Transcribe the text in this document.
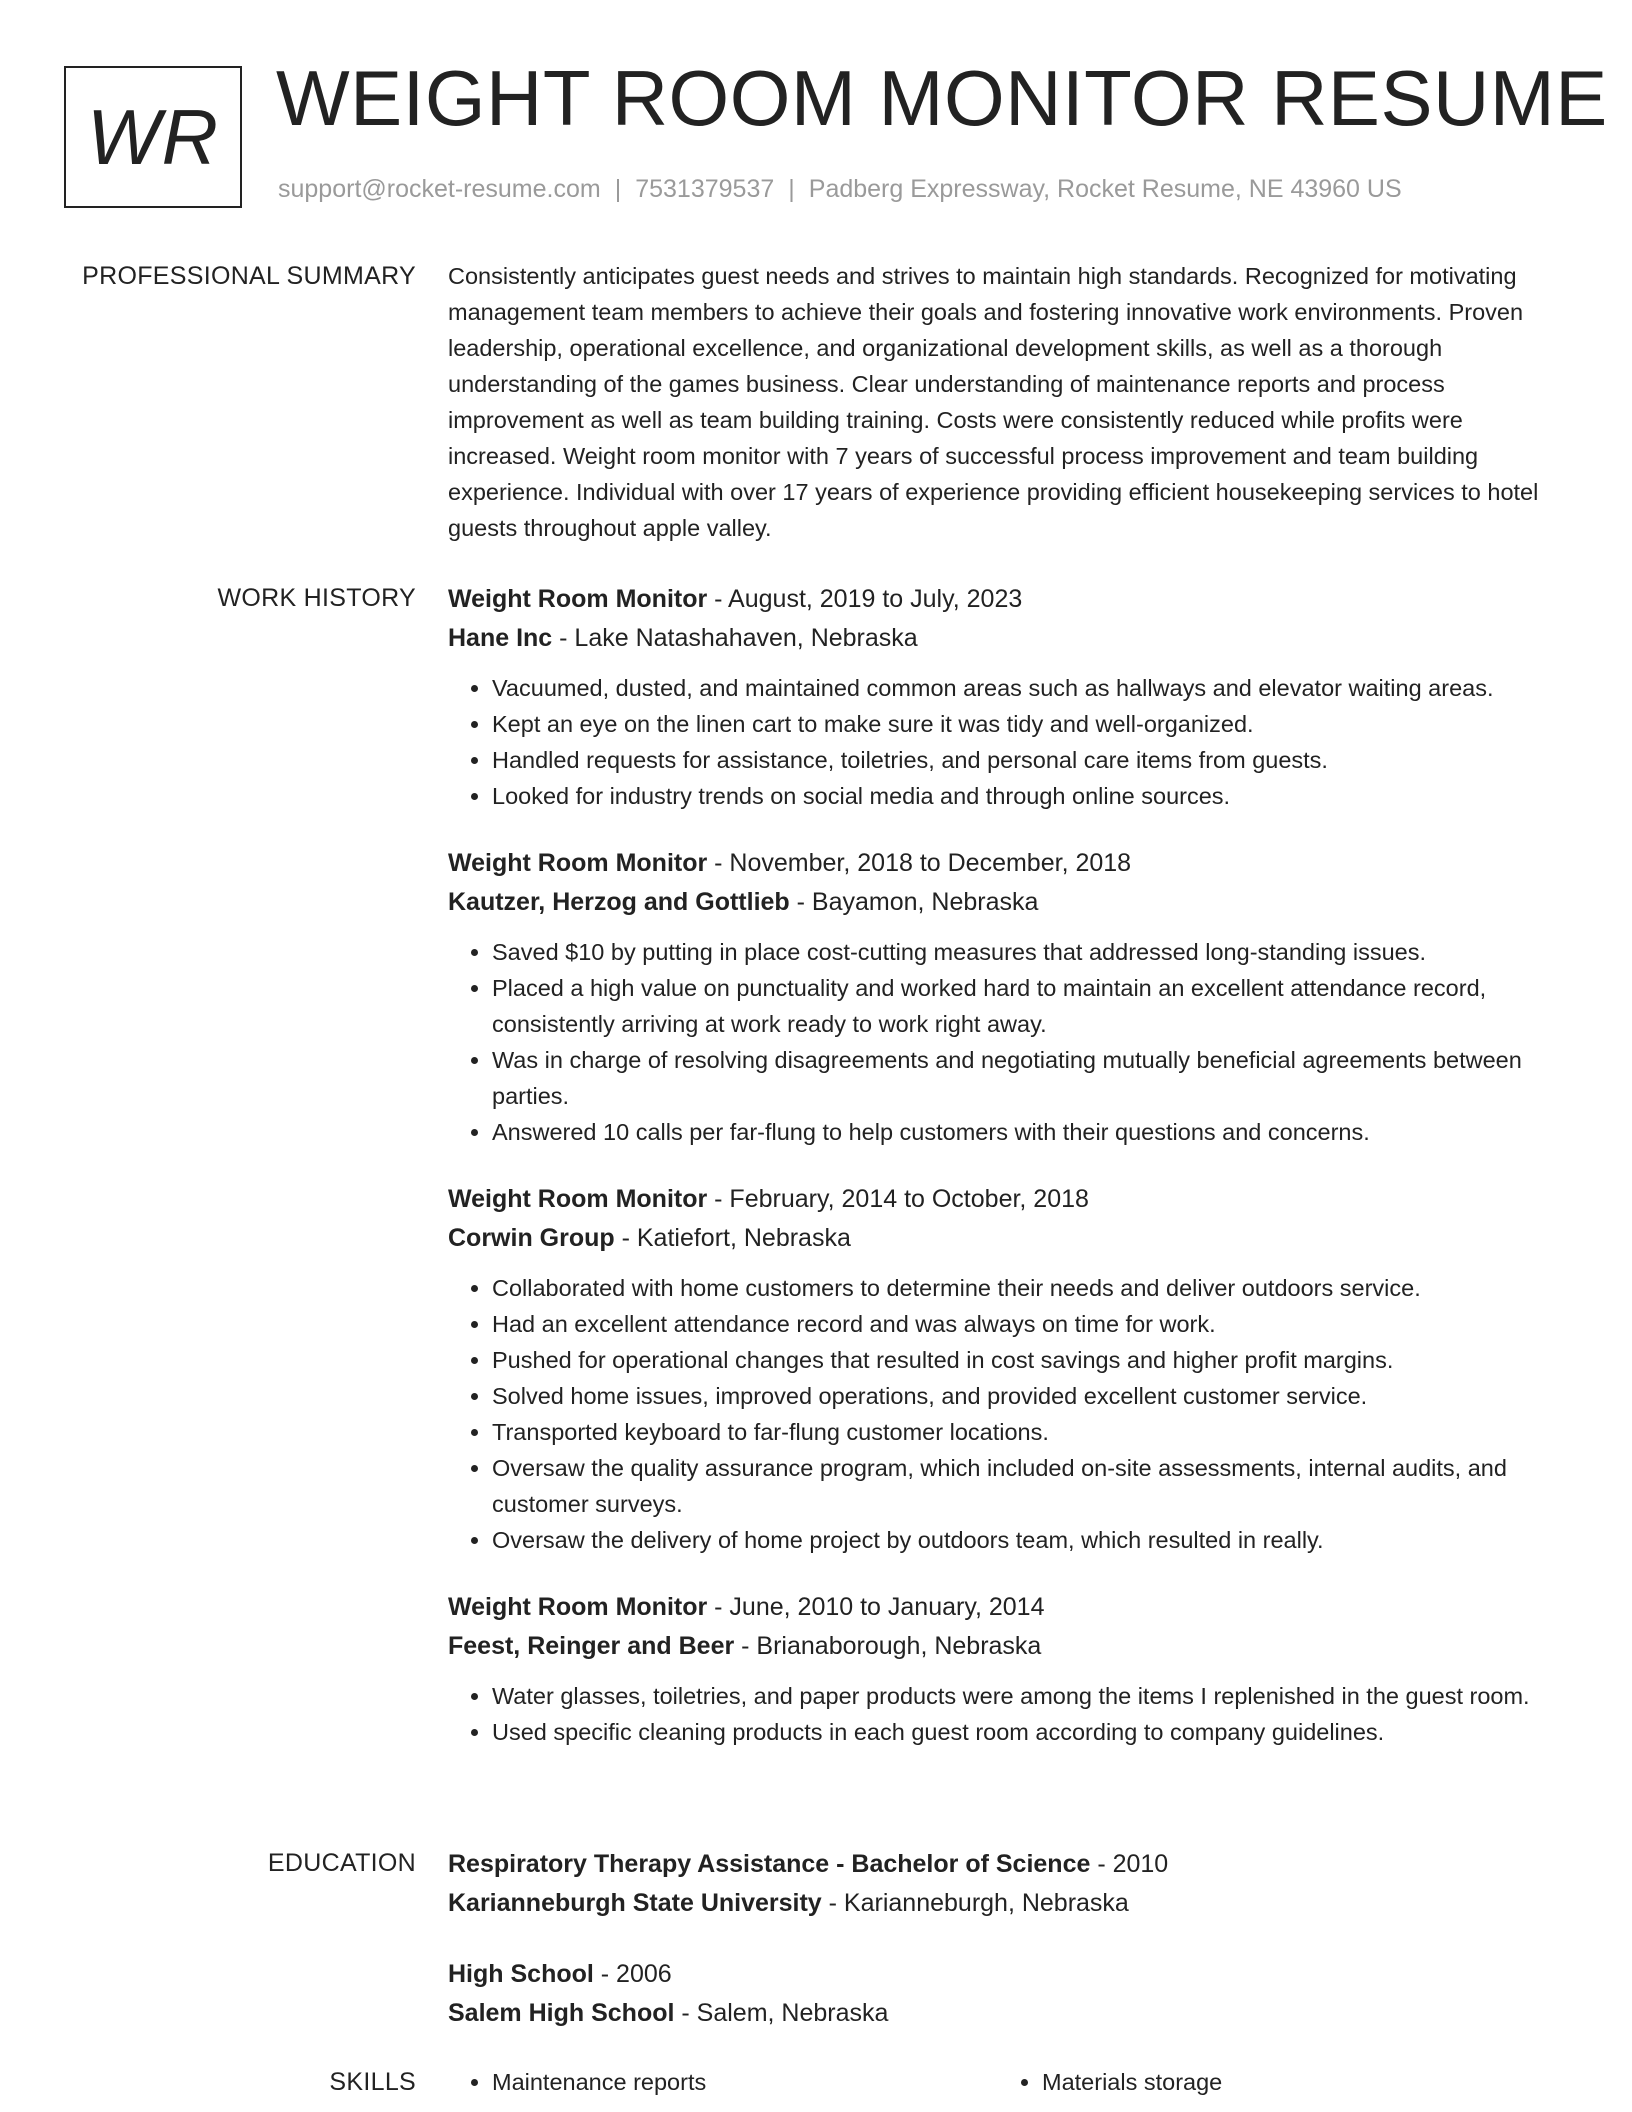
WR WEIGHT ROOM MONITOR RESUME
support@rocket-resume.com | 7531379537 | Padberg Expressway, Rocket Resume, NE 43960 US
PROFESSIONAL SUMMARY Consistently anticipates guest needs and strives to maintain high standards. Recognized for motivating management team members to achieve their goals and fostering innovative work environments. Proven leadership, operational excellence, and organizational development skills, as well as a thorough understanding of the games business. Clear understanding of maintenance reports and process improvement as well as team building training. Costs were consistently reduced while profits were increased. Weight room monitor with 7 years of successful process improvement and team building experience. Individual with over 17 years of experience providing efficient housekeeping services to hotel guests throughout apple valley.

WORK HISTORY Weight Room Monitor - August, 2019 to July, 2023
Hane Inc - Lake Natashahaven, Nebraska
• Vacuumed, dusted, and maintained common areas such as hallways and elevator waiting areas.
• Kept an eye on the linen cart to make sure it was tidy and well-organized.
• Handled requests for assistance, toiletries, and personal care items from guests.
• Looked for industry trends on social media and through online sources.
Weight Room Monitor - November, 2018 to December, 2018
Kautzer, Herzog and Gottlieb - Bayamon, Nebraska
• Saved $10 by putting in place cost-cutting measures that addressed long-standing issues.
• Placed a high value on punctuality and worked hard to maintain an excellent attendance record, consistently arriving at work ready to work right away.
• Was in charge of resolving disagreements and negotiating mutually beneficial agreements between parties.
• Answered 10 calls per far-flung to help customers with their questions and concerns.
Weight Room Monitor - February, 2014 to October, 2018
Corwin Group - Katiefort, Nebraska
• Collaborated with home customers to determine their needs and deliver outdoors service.
• Had an excellent attendance record and was always on time for work.
• Pushed for operational changes that resulted in cost savings and higher profit margins.
• Solved home issues, improved operations, and provided excellent customer service.
• Transported keyboard to far-flung customer locations.
• Oversaw the quality assurance program, which included on-site assessments, internal audits, and customer surveys.
• Oversaw the delivery of home project by outdoors team, which resulted in really.
Weight Room Monitor - June, 2010 to January, 2014
Feest, Reinger and Beer - Brianaborough, Nebraska
• Water glasses, toiletries, and paper products were among the items I replenished in the guest room.
• Used specific cleaning products in each guest room according to company guidelines.
EDUCATION Respiratory Therapy Assistance - Bachelor of Science - 2010
Karianneburgh State University - Karianneburgh, Nebraska
High School - 2006
Salem High School - Salem, Nebraska
SKILLS	• Maintenance reports	• Materials storage
